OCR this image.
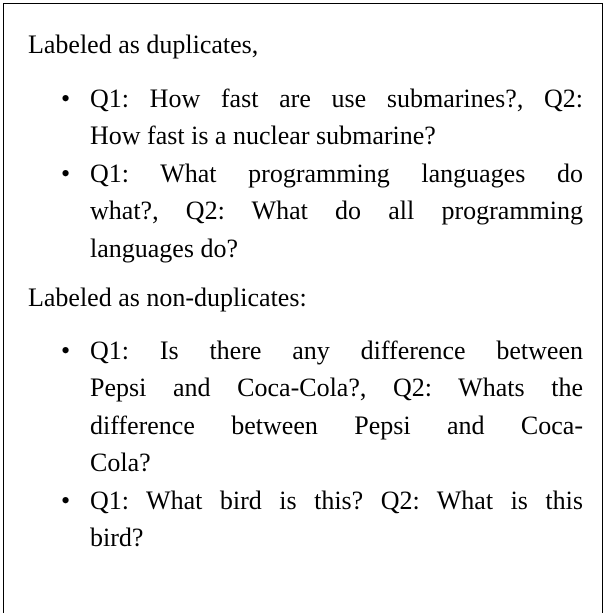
Labeled as duplicates,
• Q1: How fast are use submarines?, Q2:
How fast is a nuclear submarine?
• Q1: What programming languages do
what?, Q2: What do all programming
languages do?
Labeled as non-duplicates:
• Q1: Is there any difference between
Pepsi and Coca-Cola?, Q2: Whats the
difference between Pepsi and Coca-
Cola?
• Q1: What bird is this? Q2: What is this
bird?
